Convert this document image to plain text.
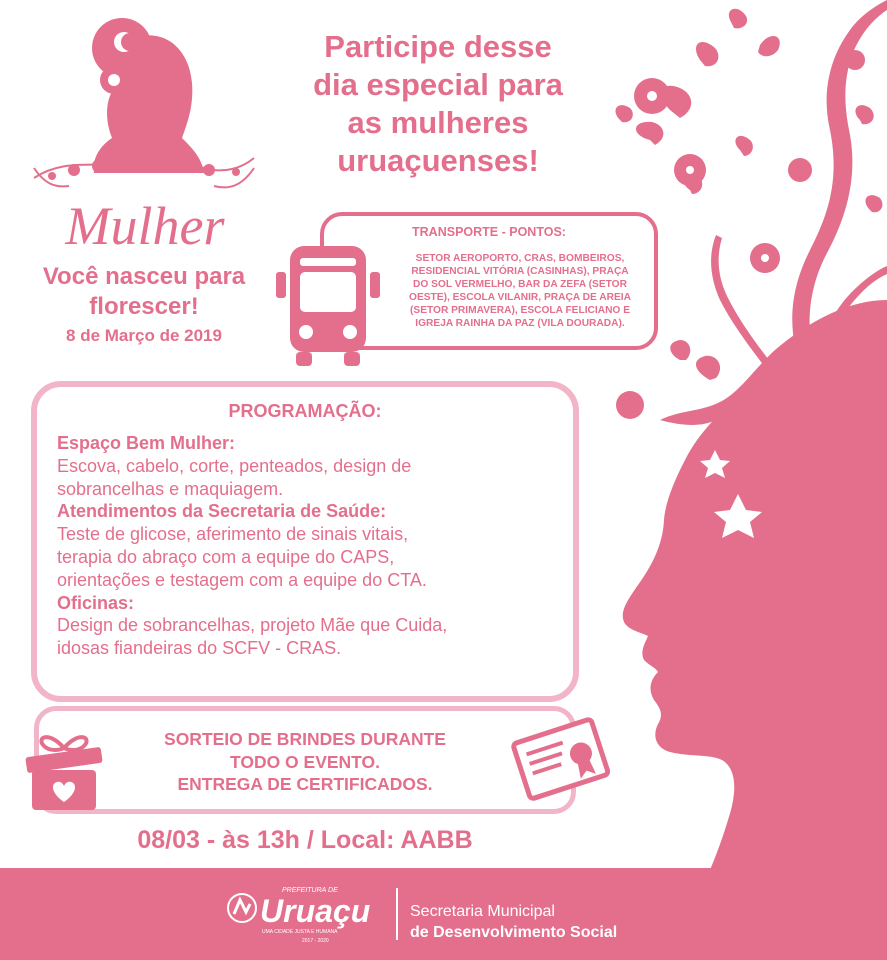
Mulher
Você nasceu para
florescer!
8 de Março de 2019
Participe desse
dia especial para
as mulheres
uruaçuenses!
TRANSPORTE - PONTOS:
SETOR AEROPORTO, CRAS, BOMBEIROS,
RESIDENCIAL VITÓRIA (CASINHAS), PRAÇA
DO SOL VERMELHO, BAR DA ZEFA (SETOR
OESTE), ESCOLA VILANIR, PRAÇA DE AREIA
(SETOR PRIMAVERA), ESCOLA FELICIANO E
IGREJA RAINHA DA PAZ (VILA DOURADA).
PROGRAMAÇÃO:
Espaço Bem Mulher:
Escova, cabelo, corte, penteados, design de
sobrancelhas e maquiagem.
Atendimentos da Secretaria de Saúde:
Teste de glicose, aferimento de sinais vitais,
terapia do abraço com a equipe do CAPS,
orientações e testagem com a equipe do CTA.
Oficinas:
Design de sobrancelhas, projeto Mãe que Cuida,
idosas fiandeiras do SCFV - CRAS.
SORTEIO DE BRINDES DURANTE
TODO O EVENTO.
ENTREGA DE CERTIFICADOS.
08/03 - às 13h / Local: AABB
PREFEITURA DE
Uruaçu
UMA CIDADE JUSTA E HUMANA
2017 - 2020
Secretaria Municipal
de Desenvolvimento Social
